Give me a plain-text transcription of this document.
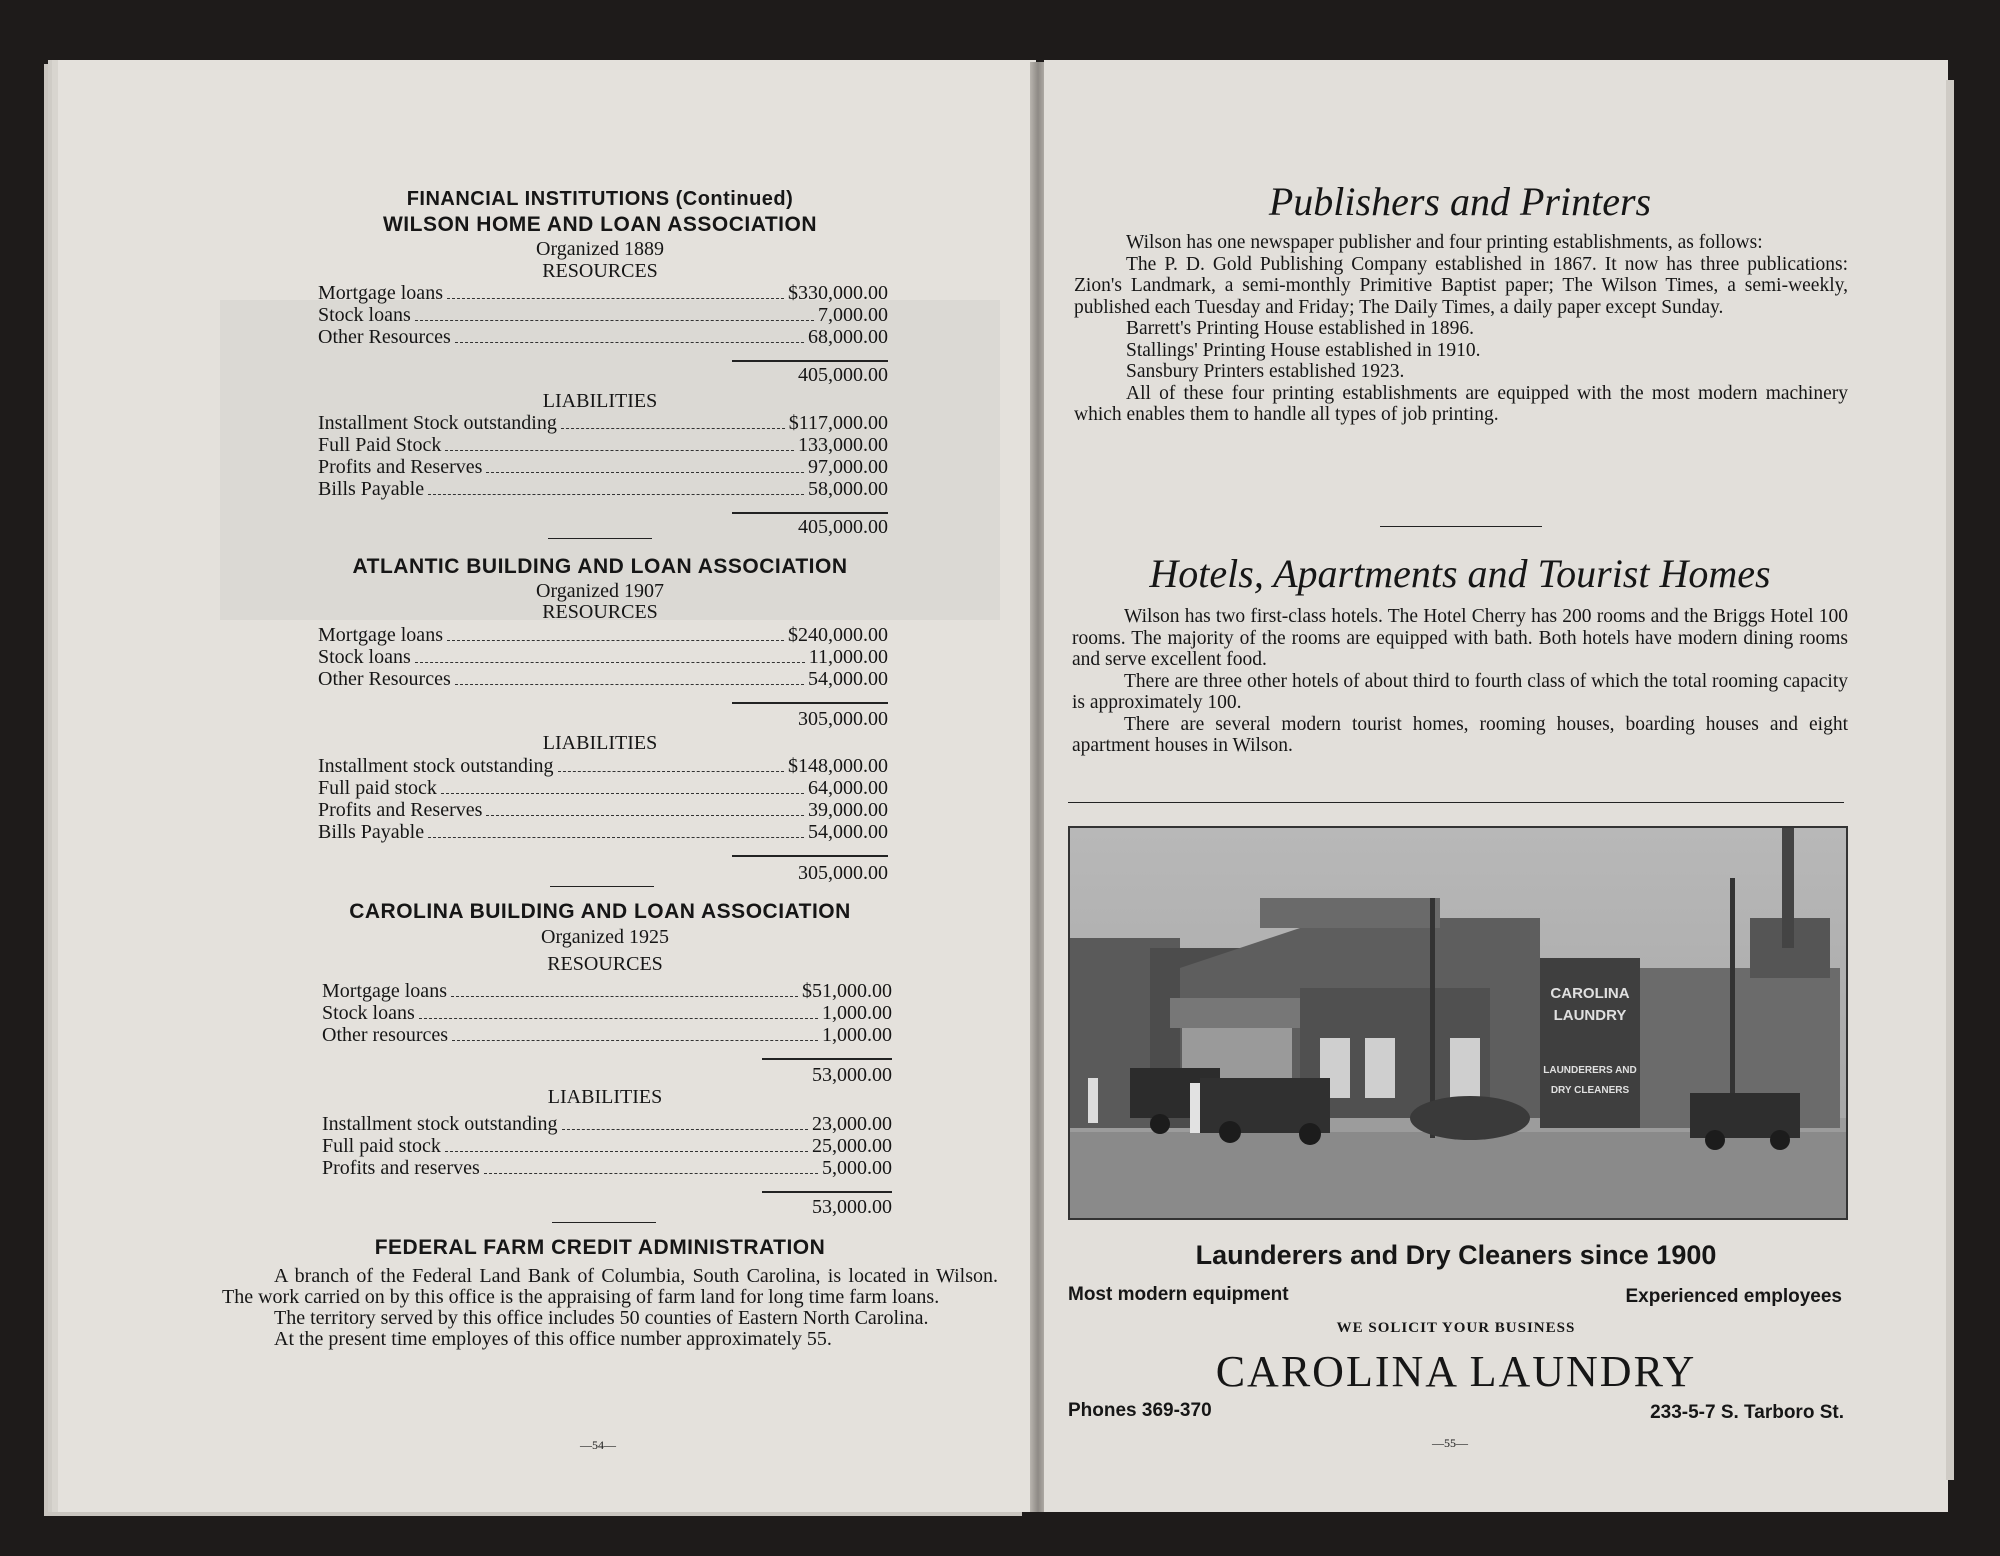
FINANCIAL INSTITUTIONS (Continued)
WILSON HOME AND LOAN ASSOCIATION
Organized 1889
RESOURCES
Mortgage loans	$330,000.00
Stock loans	7,000.00
Other Resources	68,000.00
405,000.00
LIABILITIES
Installment Stock outstanding	$117,000.00
Full Paid Stock	133,000.00
Profits and Reserves	97,000.00
Bills Payable	58,000.00
405,000.00
ATLANTIC BUILDING AND LOAN ASSOCIATION
Organized 1907
RESOURCES
Mortgage loans	$240,000.00
Stock loans	11,000.00
Other Resources	54,000.00
305,000.00
LIABILITIES
Installment stock outstanding	$148,000.00
Full paid stock	64,000.00
Profits and Reserves	39,000.00
Bills Payable	54,000.00
305,000.00
CAROLINA BUILDING AND LOAN ASSOCIATION
Organized 1925
RESOURCES
Mortgage loans	$51,000.00
Stock loans	1,000.00
Other resources	1,000.00
53,000.00
LIABILITIES
Installment stock outstanding	23,000.00
Full paid stock	25,000.00
Profits and reserves	5,000.00
53,000.00
FEDERAL FARM CREDIT ADMINISTRATION
A branch of the Federal Land Bank of Columbia, South Carolina, is located in Wilson. The work carried on by this office is the appraising of farm land for long time farm loans.
The territory served by this office includes 50 counties of Eastern North Carolina.
At the present time employes of this office number approximately 55.
—54—
Publishers and Printers
Wilson has one newspaper publisher and four printing establishments, as follows:
The P. D. Gold Publishing Company established in 1867. It now has three publications: Zion's Landmark, a semi-monthly Primitive Baptist paper; The Wilson Times, a semi-weekly, published each Tuesday and Friday; The Daily Times, a daily paper except Sunday.
Barrett's Printing House established in 1896.
Stallings' Printing House established in 1910.
Sansbury Printers established 1923.
All of these four printing establishments are equipped with the most modern machinery which enables them to handle all types of job printing.
Hotels, Apartments and Tourist Homes
Wilson has two first-class hotels. The Hotel Cherry has 200 rooms and the Briggs Hotel 100 rooms. The majority of the rooms are equipped with bath. Both hotels have modern dining rooms and serve excellent food.
There are three other hotels of about third to fourth class of which the total rooming capacity is approximately 100.
There are several modern tourist homes, rooming houses, boarding houses and eight apartment houses in Wilson.
CAROLINA
LAUNDRY
LAUNDERERS AND
DRY CLEANERS
Launderers and Dry Cleaners since 1900
Most modern equipment	Experienced employees
WE SOLICIT YOUR BUSINESS
CAROLINA LAUNDRY
Phones 369-370	233-5-7 S. Tarboro St.
—55—
